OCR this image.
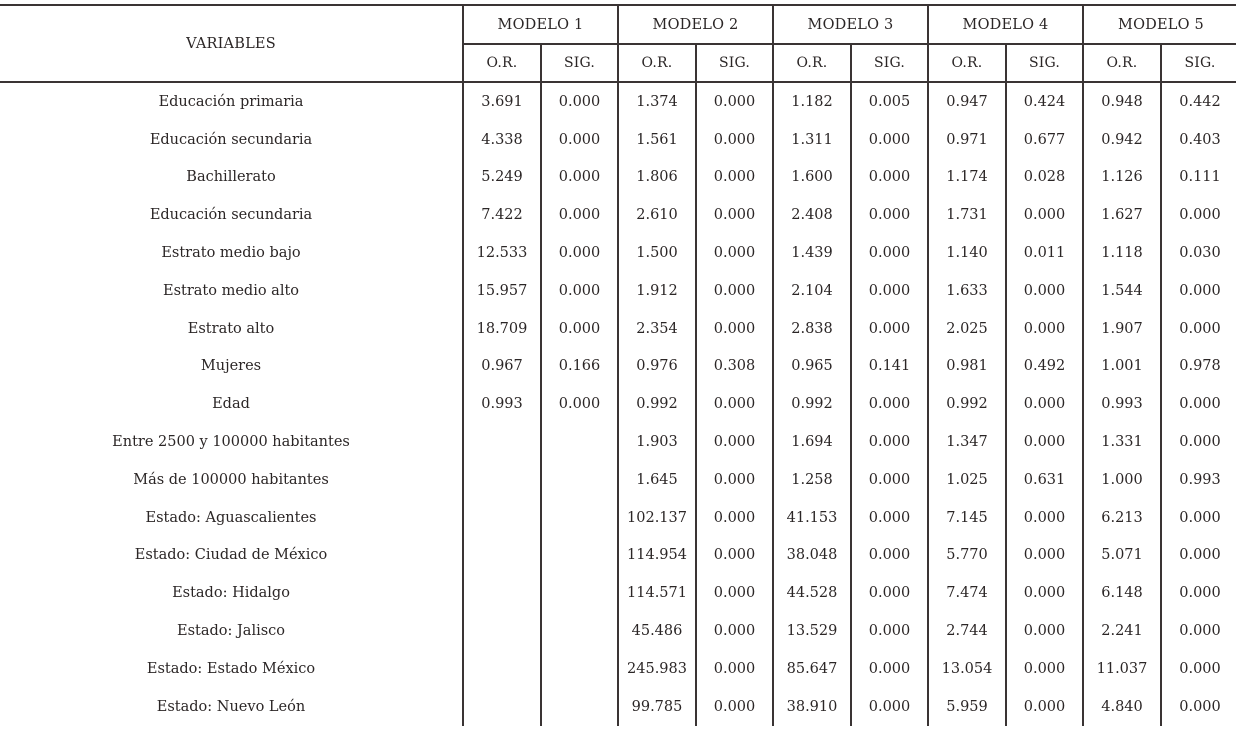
VARIABLES	MODELO 1		MODELO 2		MODELO 3		MODELO 4		MODELO 5	
	O.R.	SIG.	O.R.	SIG.	O.R.	SIG.	O.R.	SIG.	O.R.	SIG.
Educación primaria	3.691	0.000	1.374	0.000	1.182	0.005	0.947	0.424	0.948	0.442
Educación secundaria	4.338	0.000	1.561	0.000	1.311	0.000	0.971	0.677	0.942	0.403
Bachillerato	5.249	0.000	1.806	0.000	1.600	0.000	1.174	0.028	1.126	0.111
Educación secundaria	7.422	0.000	2.610	0.000	2.408	0.000	1.731	0.000	1.627	0.000
Estrato medio bajo	12.533	0.000	1.500	0.000	1.439	0.000	1.140	0.011	1.118	0.030
Estrato medio alto	15.957	0.000	1.912	0.000	2.104	0.000	1.633	0.000	1.544	0.000
Estrato alto	18.709	0.000	2.354	0.000	2.838	0.000	2.025	0.000	1.907	0.000
Mujeres	0.967	0.166	0.976	0.308	0.965	0.141	0.981	0.492	1.001	0.978
Edad	0.993	0.000	0.992	0.000	0.992	0.000	0.992	0.000	0.993	0.000
Entre 2500 y 100000 habitantes			1.903	0.000	1.694	0.000	1.347	0.000	1.331	0.000
Más de 100000 habitantes			1.645	0.000	1.258	0.000	1.025	0.631	1.000	0.993
Estado: Aguascalientes			102.137	0.000	41.153	0.000	7.145	0.000	6.213	0.000
Estado: Ciudad de México			114.954	0.000	38.048	0.000	5.770	0.000	5.071	0.000
Estado: Hidalgo			114.571	0.000	44.528	0.000	7.474	0.000	6.148	0.000
Estado: Jalisco			45.486	0.000	13.529	0.000	2.744	0.000	2.241	0.000
Estado: Estado México			245.983	0.000	85.647	0.000	13.054	0.000	11.037	0.000
Estado: Nuevo León			99.785	0.000	38.910	0.000	5.959	0.000	4.840	0.000
